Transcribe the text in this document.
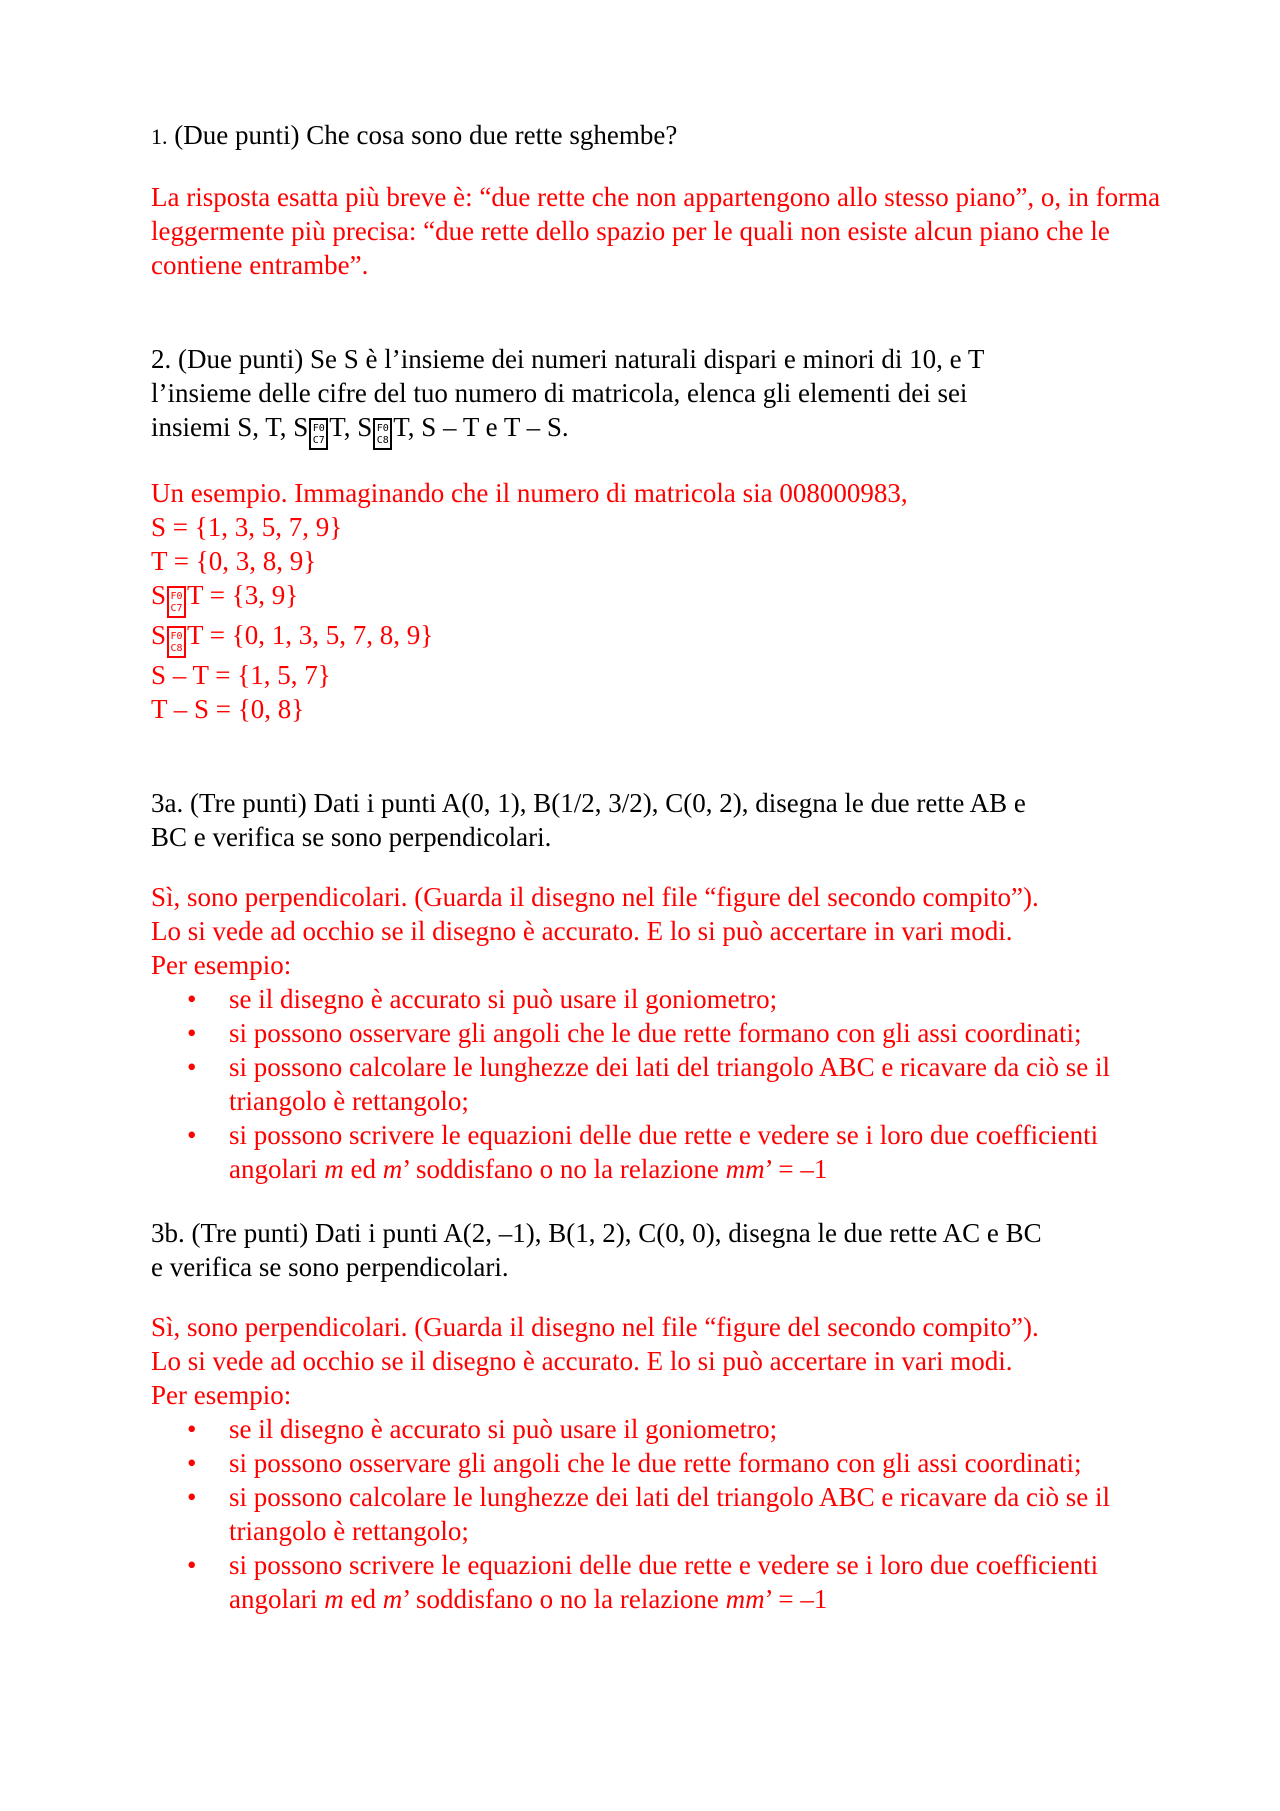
1. (Due punti) Che cosa sono due rette sghembe?

La risposta esatta più breve è: “due rette che non appartengono allo stesso piano”, o, in forma leggermente più precisa: “due rette dello spazio per le quali non esiste alcun piano che le contiene entrambe”.

2. (Due punti) Se S è l’insieme dei numeri naturali dispari e minori di 10, e T

l’insieme delle cifre del tuo numero di matricola, elenca gli elementi dei sei

insiemi S, T, S F0
C7 T, S F0
C8 T, S – T e T – S.

Un esempio. Immaginando che il numero di matricola sia 008000983,

S = {1, 3, 5, 7, 9}

T = {0, 3, 8, 9}

S F0
C7 T = {3, 9}

S F0
C8 T = {0, 1, 3, 5, 7, 8, 9}

S – T = {1, 5, 7}

T – S = {0, 8}

3a. (Tre punti) Dati i punti A(0, 1), B(1/2, 3/2), C(0, 2), disegna le due rette AB e

BC e verifica se sono perpendicolari.

Sì, sono perpendicolari. (Guarda il disegno nel file “figure del secondo compito”).

Lo si vede ad occhio se il disegno è accurato. E lo si può accertare in vari modi.

Per esempio:

• se il disegno è accurato si può usare il goniometro;
• si possono osservare gli angoli che le due rette formano con gli assi coordinati;
• si possono calcolare le lunghezze dei lati del triangolo ABC e ricavare da ciò se il triangolo è rettangolo;
• si possono scrivere le equazioni delle due rette e vedere se i loro due coefficienti angolari m ed m’ soddisfano o no la relazione mm’ = –1

3b. (Tre punti) Dati i punti A(2, –1), B(1, 2), C(0, 0), disegna le due rette AC e BC

e verifica se sono perpendicolari.

Sì, sono perpendicolari. (Guarda il disegno nel file “figure del secondo compito”).

Lo si vede ad occhio se il disegno è accurato. E lo si può accertare in vari modi.

Per esempio:

• se il disegno è accurato si può usare il goniometro;
• si possono osservare gli angoli che le due rette formano con gli assi coordinati;
• si possono calcolare le lunghezze dei lati del triangolo ABC e ricavare da ciò se il triangolo è rettangolo;
• si possono scrivere le equazioni delle due rette e vedere se i loro due coefficienti angolari m ed m’ soddisfano o no la relazione mm’ = –1
